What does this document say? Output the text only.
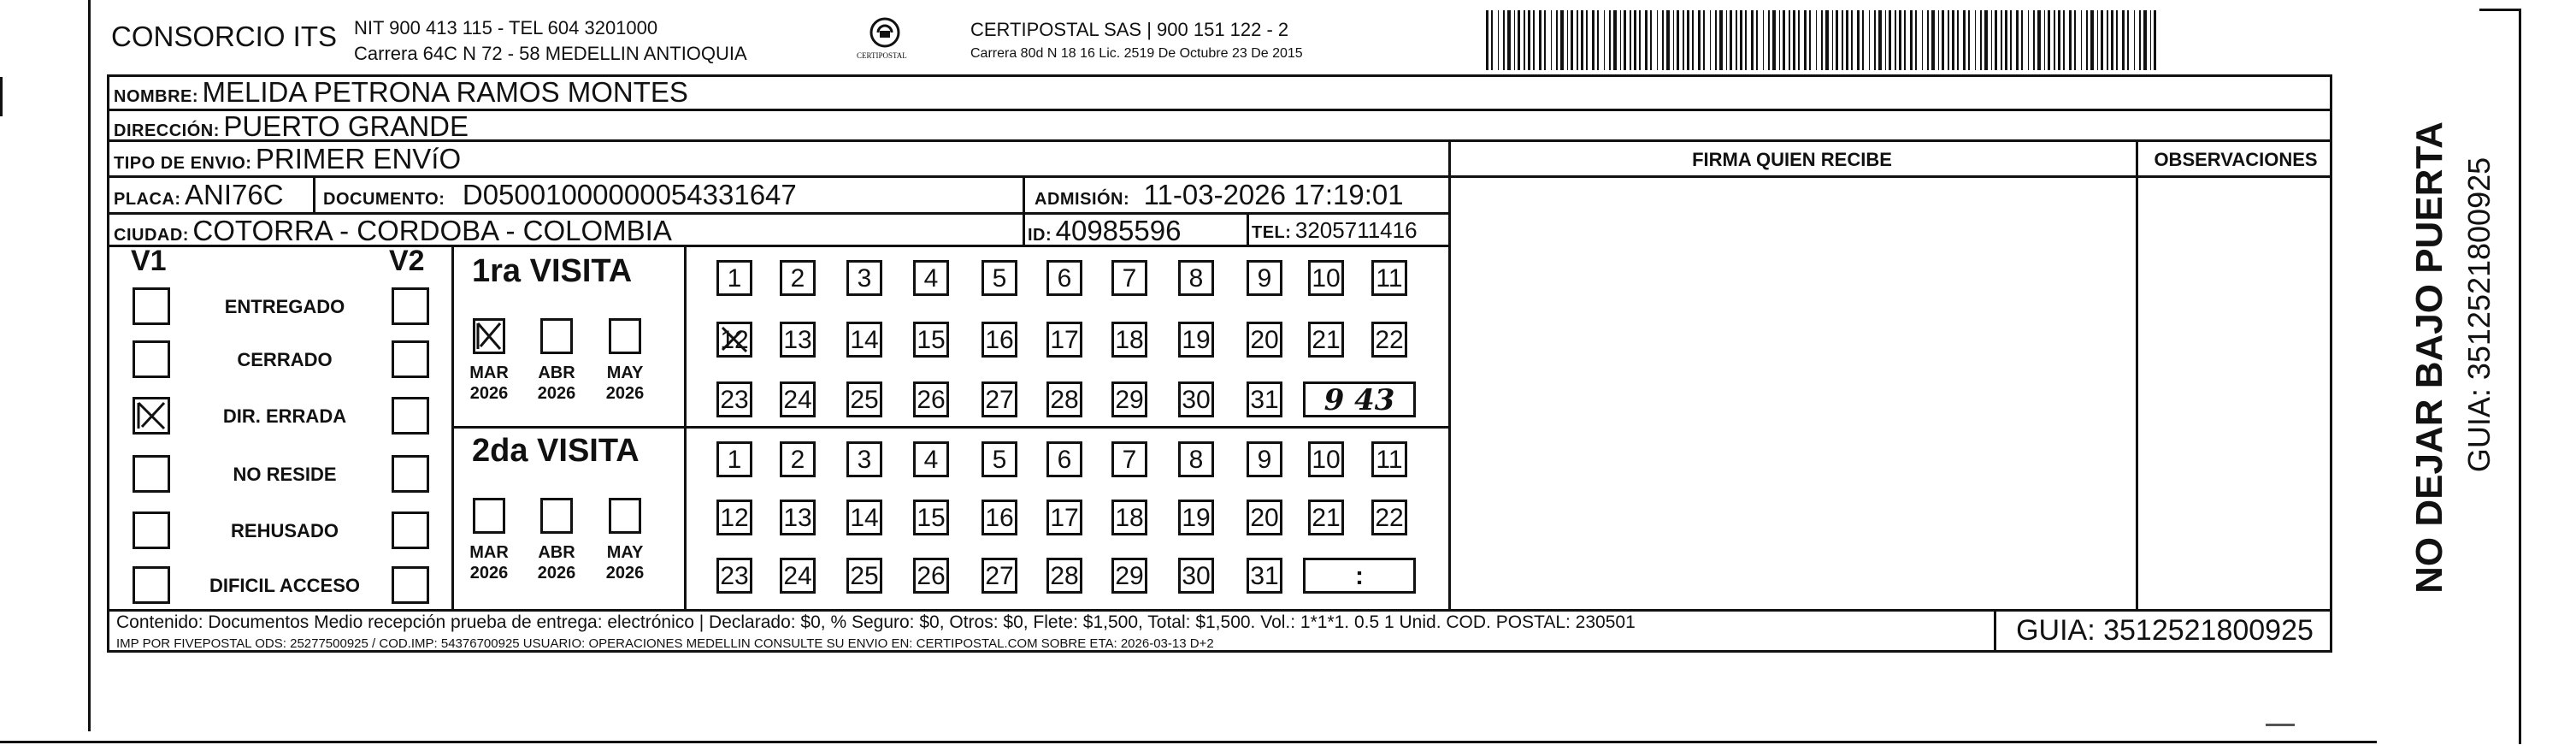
CONSORCIO ITS NIT 900 413 115 - TEL 604 3201000
Carrera 64C N 72 - 58 MEDELLIN ANTIOQUIA	CERTIPOSTAL
CERTIPOSTAL SAS | 900 151 122 - 2
Carrera 80d N 18 16 Lic. 2519 De Octubre 23 De 2015
NOMBRE: MELIDA PETRONA RAMOS MONTES
DIRECCIÓN: PUERTO GRANDE
TIPO DE ENVIO: PRIMER ENVíO	FIRMA QUIEN RECIBE	OBSERVACIONES
PLACA: ANI76C DOCUMENTO: D0500100000005433164​7	ADMISIÓN: 11-03-2026 17:19:01
CIUDAD: COTORRA - CORDOBA - COLOMBIA	ID: 40985596	TEL: 3205711416
V1	V2
ENTREGADO
CERRADO
DIR. ERRADA
NO RESIDE
REHUSADO
DIFICIL ACCESO
1ra VISITA
2da VISITA
MAR
2026
ABR
2026
MAY
2026
1	2	3	4	5	6	7	8	9	10 11
12 13 14 15 16 17 18 19 20 21 22
23 24 25 26 27 28 29 30 31	9 43
MAR
2026
ABR
2026
MAY
2026
1	2	3	4	5	6	7	8	9	10 11
12 13 14 15 16 17 18 19 20 21 22
23 24 25 26 27 28 29 30 31	:
Contenido: Documentos Medio recepción prueba de entrega: electrónico | Declarado: $0, % Seguro: $0, Otros: $0, Flete: $1,500, Total: $1,500. Vol.: 1*1*1. 0.5 1 Unid. COD. POSTAL: 230501
IMP POR FIVEPOSTAL ODS: 25277500925 / COD.IMP: 54376700925 USUARIO: OPERACIONES MEDELLIN CONSULTE SU ENVIO EN: CERTIPOSTAL.COM SOBRE ETA: 2026-03-13 D+2	GUIA: 3512521800925
NO DEJAR BAJO PUERTA GUIA: 3512521800925
